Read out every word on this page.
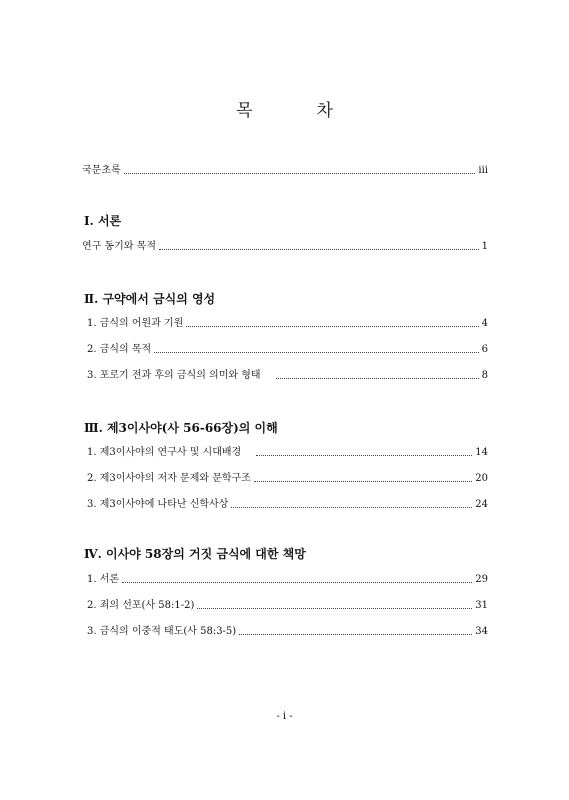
목	차
국문초록	iii
Ⅰ. 서론
연구 동기와 목적	1
Ⅱ. 구약에서 금식의 영성
1. 금식의 어원과 기원	4
2. 금식의 목적	6
3. 포로기 전과 후의 금식의 의미와 형태	8
Ⅲ. 제3이사야(사 56-66장)의 이해
1. 제3이사야의 연구사 및 시대배경	14
2. 제3이사야의 저자 문제와 문학구조	20
3. 제3이사야에 나타난 신학사상	24
Ⅳ. 이사야 58장의 거짓 금식에 대한 책망
1. 서론	29
2. 죄의 선포(사 58:1-2)	31
3. 금식의 이중적 태도(사 58:3-5)	34
- i -
